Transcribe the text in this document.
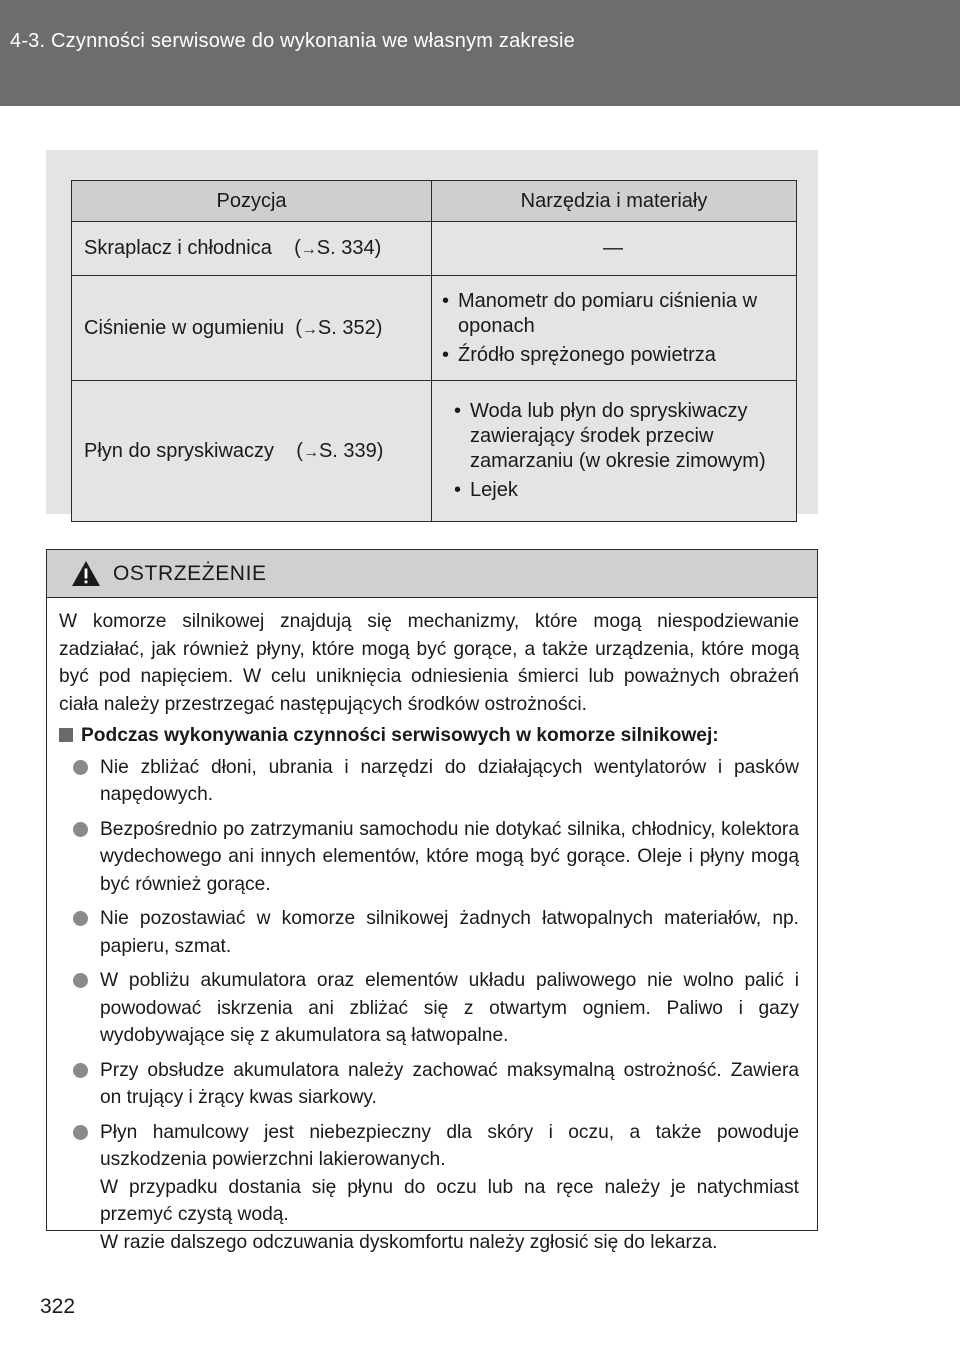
4-3. Czynności serwisowe do wykonania we własnym zakresie
Pozycja	Narzędzia i materiały
Skraplacz i chłodnica    (→S. 334)	—
Ciśnienie w ogumieniu  (→S. 352)	• Manometr do pomiaru ciśnienia w oponach
• Źródło sprężonego powietrza

Płyn do spryskiwaczy    (→S. 339)	• Woda lub płyn do spryskiwaczy zawierający środek przeciw zamarzaniu (w okresie zimowym)
• Lejek
OSTRZEŻENIE

W komorze silnikowej znajdują się mechanizmy, które mogą niespodziewanie zadziałać, jak również płyny, które mogą być gorące, a także urządzenia, które mogą być pod napięciem. W celu uniknięcia odniesienia śmierci lub poważnych obrażeń ciała należy przestrzegać następujących środków ostrożności.

Podczas wykonywania czynności serwisowych w komorze silnikowej:

Nie zbliżać dłoni, ubrania i narzędzi do działających wentylatorów i pasków napędowych.
Bezpośrednio po zatrzymaniu samochodu nie dotykać silnika, chłodnicy, kolektora wydechowego ani innych elementów, które mogą być gorące. Oleje i płyny mogą być również gorące.
Nie pozostawiać w komorze silnikowej żadnych łatwopalnych materiałów, np. papieru, szmat.
W pobliżu akumulatora oraz elementów układu paliwowego nie wolno palić i powodować iskrzenia ani zbliżać się z otwartym ogniem. Paliwo i gazy wydobywające się z akumulatora są łatwopalne.
Przy obsłudze akumulatora należy zachować maksymalną ostrożność. Zawiera on trujący i żrący kwas siarkowy.
Płyn hamulcowy jest niebezpieczny dla skóry i oczu, a także powoduje uszkodzenia powierzchni lakierowanych.
W przypadku dostania się płynu do oczu lub na ręce należy je natychmiast przemyć czystą wodą.
W razie dalszego odczuwania dyskomfortu należy zgłosić się do lekarza.
322
